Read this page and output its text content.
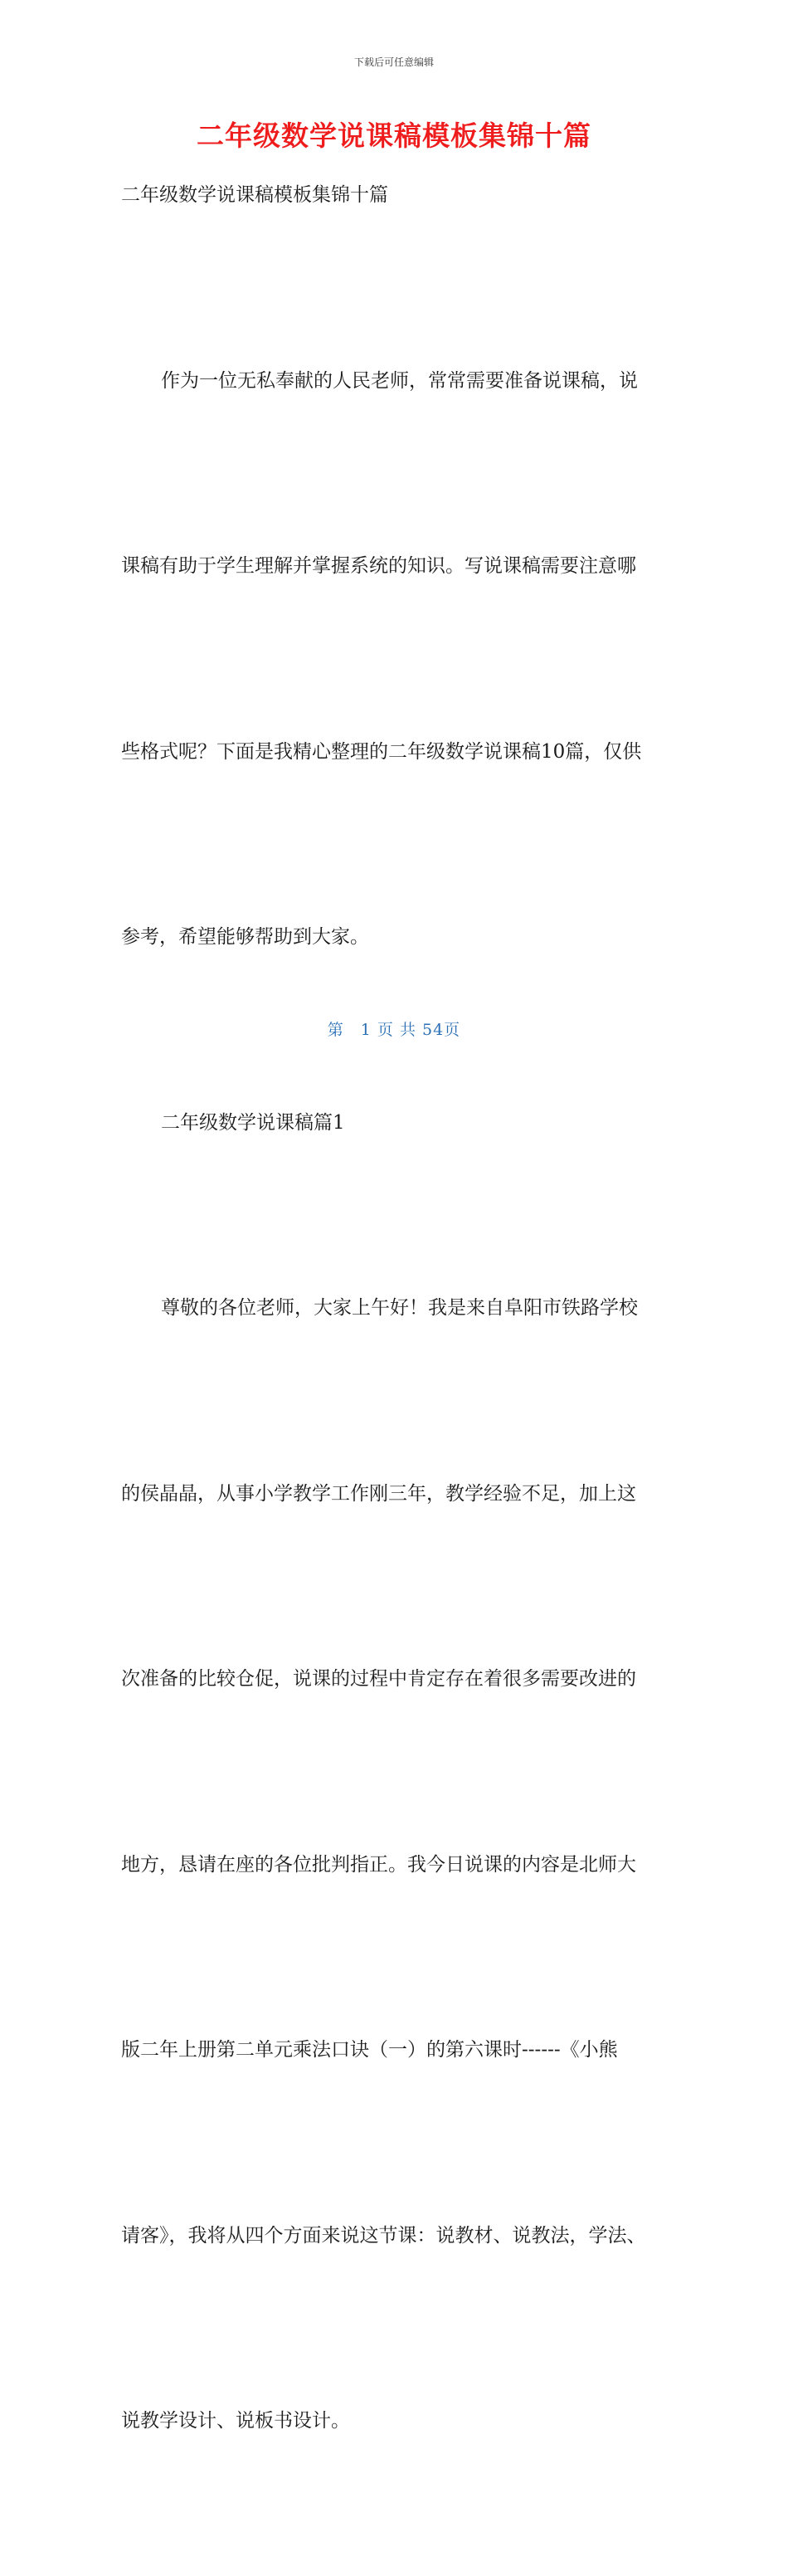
下载后可任意编辑
二年级数学说课稿模板集锦十篇

二年级数学说课稿模板集锦十篇

作为一位无私奉献的人民老师，常常需要准备说课稿，说

课稿有助于学生理解并掌握系统的知识。写说课稿需要注意哪

些格式呢？下面是我精心整理的二年级数学说课稿10篇，仅供

参考，希望能够帮助到大家。

二年级数学说课稿篇1

尊敬的各位老师，大家上午好！我是来自阜阳市铁路学校

的侯晶晶，从事小学教学工作刚三年，教学经验不足，加上这

次准备的比较仓促，说课的过程中肯定存在着很多需要改进的

地方，恳请在座的各位批判指正。我今日说课的内容是北师大

版二年上册第二单元乘法口诀（一）的第六课时------《小熊

请客》，我将从四个方面来说这节课：说教材、说教法，学法、

说教学设计、说板书设计。

第　1 页 共 54页
